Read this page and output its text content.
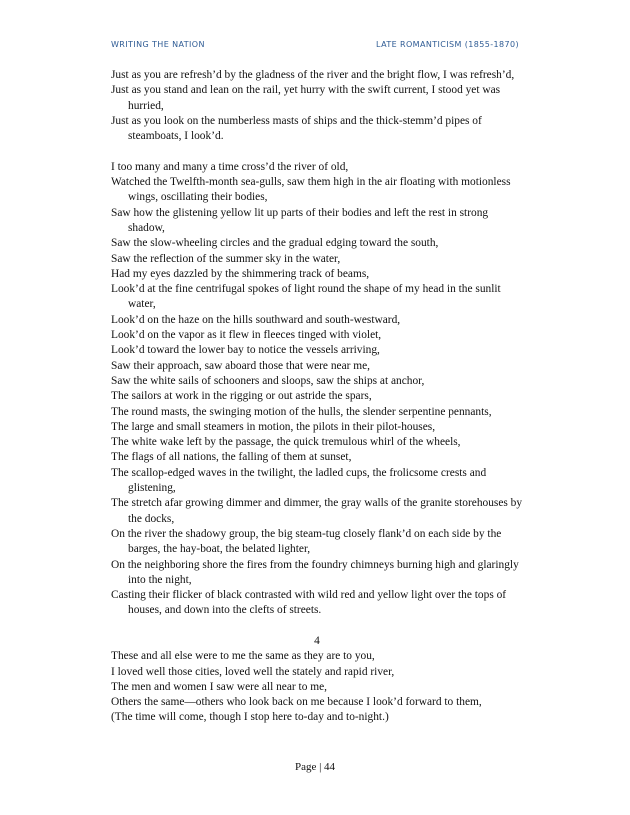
WRITING THE NATION	LATE ROMANTICISM (1855-1870)
Just as you are refresh’d by the gladness of the river and the bright flow, I was refresh’d,
Just as you stand and lean on the rail, yet hurry with the swift current, I stood yet was hurried,
Just as you look on the numberless masts of ships and the thick-stemm’d pipes of steamboats, I look’d.
I too many and many a time cross’d the river of old,
Watched the Twelfth-month sea-gulls, saw them high in the air floating with motionless wings, oscillating their bodies,
Saw how the glistening yellow lit up parts of their bodies and left the rest in strong shadow,
Saw the slow-wheeling circles and the gradual edging toward the south,
Saw the reflection of the summer sky in the water,
Had my eyes dazzled by the shimmering track of beams,
Look’d at the fine centrifugal spokes of light round the shape of my head in the sunlit water,
Look’d on the haze on the hills southward and south-westward,
Look’d on the vapor as it flew in fleeces tinged with violet,
Look’d toward the lower bay to notice the vessels arriving,
Saw their approach, saw aboard those that were near me,
Saw the white sails of schooners and sloops, saw the ships at anchor,
The sailors at work in the rigging or out astride the spars,
The round masts, the swinging motion of the hulls, the slender serpentine pennants,
The large and small steamers in motion, the pilots in their pilot-houses,
The white wake left by the passage, the quick tremulous whirl of the wheels,
The flags of all nations, the falling of them at sunset,
The scallop-edged waves in the twilight, the ladled cups, the frolicsome crests and glistening,
The stretch afar growing dimmer and dimmer, the gray walls of the granite storehouses by the docks,
On the river the shadowy group, the big steam-tug closely flank’d on each side by the barges, the hay-boat, the belated lighter,
On the neighboring shore the fires from the foundry chimneys burning high and glaringly into the night,
Casting their flicker of black contrasted with wild red and yellow light over the tops of houses, and down into the clefts of streets.
4
These and all else were to me the same as they are to you,
I loved well those cities, loved well the stately and rapid river,
The men and women I saw were all near to me,
Others the same—others who look back on me because I look’d forward to them,
(The time will come, though I stop here to-day and to-night.)
Page | 44
